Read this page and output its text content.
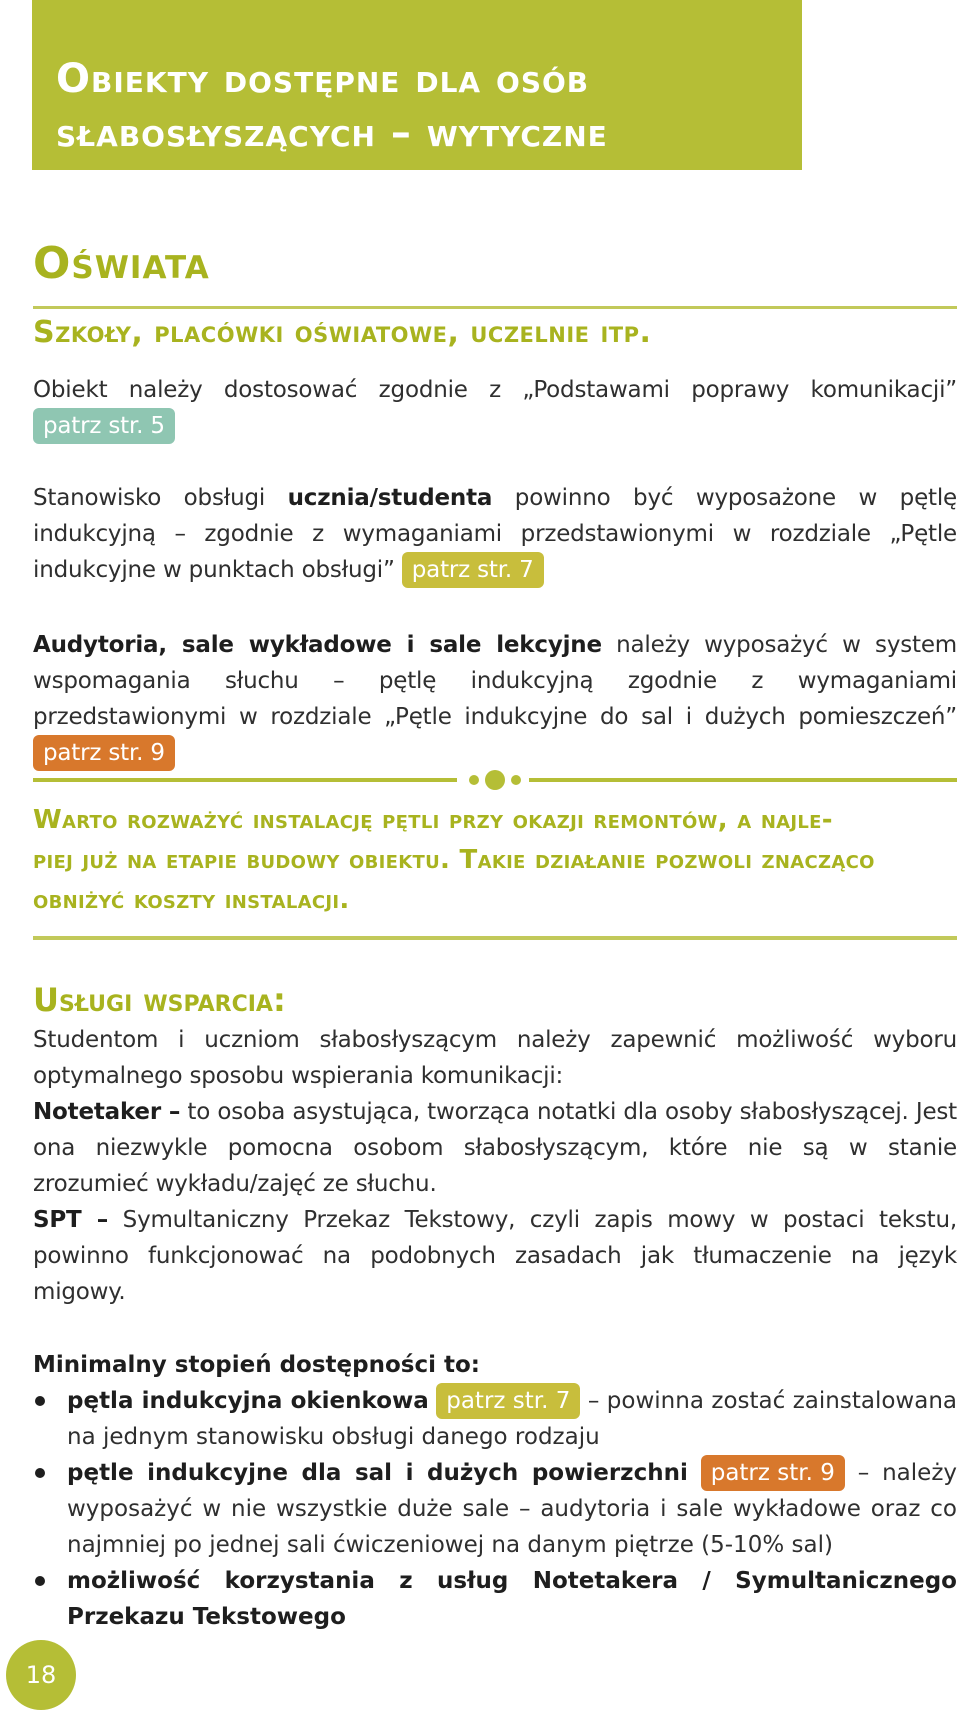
Obiekty dostępne dla osób
słabosłyszących – wytyczne
Oświata
Szkoły, placówki oświatowe, uczelnie itp.
Obiekt należy dostosować zgodnie z „Podstawami poprawy komunikacji” patrz str. 5
Stanowisko obsługi ucznia/studenta powinno być wyposażone w pętlę indukcyjną – zgodnie z wymaganiami przedstawionymi w rozdziale „Pętle indukcyjne w punktach obsługi” patrz str. 7
Audytoria, sale wykładowe i sale lekcyjne należy wyposażyć w system wspomagania słuchu – pętlę indukcyjną zgodnie z wymaganiami przedstawionymi w rozdziale „Pętle indukcyjne do sal i dużych pomieszczeń” patrz str. 9
Warto rozważyć instalację pętli przy okazji remontów, a najle-
piej już na etapie budowy obiektu. Takie działanie pozwoli znacząco
obniżyć koszty instalacji.
Usługi wsparcia:
Studentom i uczniom słabosłyszącym należy zapewnić możliwość wyboru optymalnego sposobu wspierania komunikacji:
Notetaker – to osoba asystująca, tworząca notatki dla osoby słabosłyszącej. Jest ona niezwykle pomocna osobom słabosłyszącym, które nie są w stanie zrozumieć wykładu/zajęć ze słuchu.
SPT – Symultaniczny Przekaz Tekstowy, czyli zapis mowy w postaci tekstu, powinno funkcjonować na podobnych zasadach jak tłumaczenie na język migowy.
Minimalny stopień dostępności to:
pętla indukcyjna okienkowa patrz str. 7 – powinna zostać zainstalowana na jednym stanowisku obsługi danego rodzaju
pętle indukcyjne dla sal i dużych powierzchni patrz str. 9 – należy wyposażyć w nie wszystkie duże sale – audytoria i sale wykładowe oraz co najmniej po jednej sali ćwiczeniowej na danym piętrze (5-10% sal)
możliwość korzystania z usług Notetakera / Symultanicznego Przekazu Tekstowego
18
